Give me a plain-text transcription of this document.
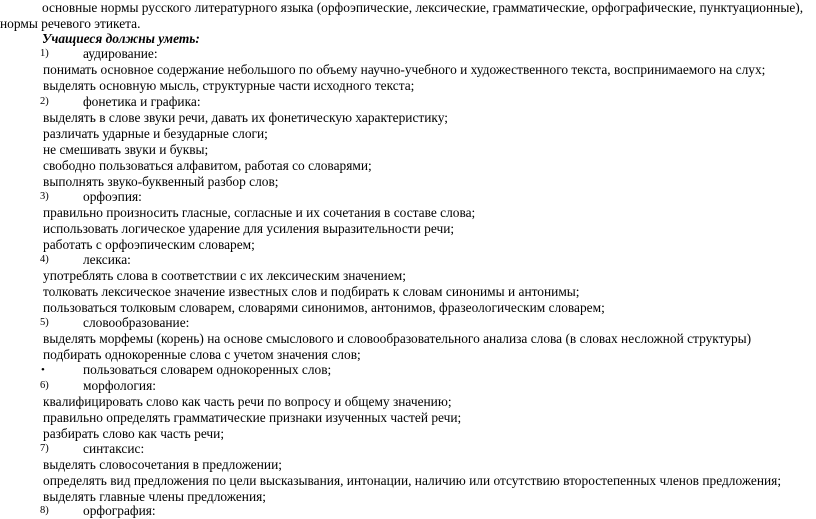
основные нормы русского литературного языка (орфоэпические, лексические, грамматические, орфографические, пунктуационные),
нормы речевого этикета.
Учащиеся должны уметь:
1)	аудирование:
понимать основное содержание небольшого по объему научно-учебного и художественного текста, воспринимаемого на слух;
выделять основную мысль, структурные части исходного текста;
2)	фонетика и графика:
выделять в слове звуки речи, давать их фонетическую характеристику;
различать ударные и безударные слоги;
не смешивать звуки и буквы;
свободно пользоваться алфавитом, работая со словарями;
выполнять звуко-буквенный разбор слов;
3)	орфоэпия:
правильно произносить гласные, согласные и их сочетания в составе слова;
использовать логическое ударение для усиления выразительности речи;
работать с орфоэпическим словарем;
4)	лексика:
употреблять слова в соответствии с их лексическим значением;
толковать лексическое значение известных слов и подбирать к словам синонимы и антонимы;
пользоваться толковым словарем, словарями синонимов, антонимов, фразеологическим словарем;
5)	словообразование:
выделять морфемы (корень) на основе смыслового и словообразовательного анализа слова (в словах несложной структуры)
подбирать однокоренные слова с учетом значения слов;
•	пользоваться словарем однокоренных слов;
6)	морфология:
квалифицировать слово как часть речи по вопросу и общему значению;
правильно определять грамматические признаки изученных частей речи;
разбирать слово как часть речи;
7)	синтаксис:
выделять словосочетания в предложении;
определять вид предложения по цели высказывания, интонации, наличию или отсутствию второстепенных членов предложения;
выделять главные члены предложения;
8)	орфография:
